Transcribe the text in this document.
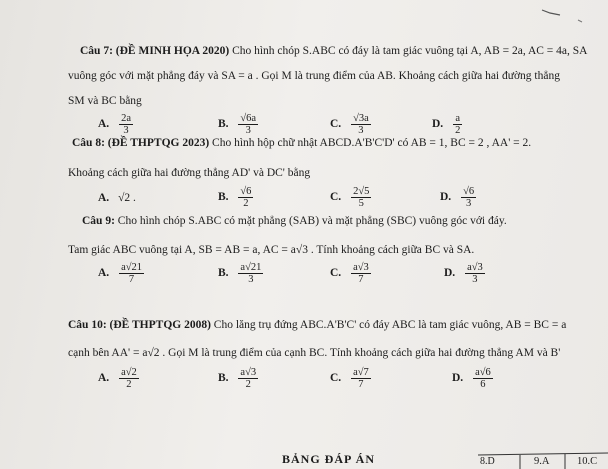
Câu 7: (ĐỀ MINH HỌA 2020) Cho hình chóp S.ABC có đáy là tam giác vuông tại A, AB = 2a, AC = 4a, SA
vuông góc với mặt phẳng đáy và SA = a . Gọi M là trung điểm của AB. Khoảng cách giữa hai đường thẳng
SM và BC bằng
A. $\frac{2a}{3}$	B. $\frac{√6a}{3}$	C. $\frac{√3a}{3}$	D. $\frac{a}{2}$
Câu 8: (ĐỀ THPTQG 2023) Cho hình hộp chữ nhật ABCD.A'B'C'D' có AB = 1, BC = 2 , AA' = 2.
Khoảng cách giữa hai đường thẳng AD' và DC' bằng
A. √2 .	B. $\frac{√6}{2}$	C. $\frac{2√5}{5}$	D. $\frac{√6}{3}$
Câu 9: Cho hình chóp S.ABC có mặt phẳng (SAB) và mặt phẳng (SBC) vuông góc với đáy.
Tam giác ABC vuông tại A, SB = AB = a, AC = a√3 . Tính khoảng cách giữa BC và SA.
A. $\frac{a√21}{7}$	B. $\frac{a√21}{3}$	C. $\frac{a√3}{7}$	D. $\frac{a√3}{3}$
Câu 10: (ĐỀ THPTQG 2008) Cho lăng trụ đứng ABC.A'B'C' có đáy ABC là tam giác vuông, AB = BC = a
cạnh bên AA' = a√2 . Gọi M là trung điểm của cạnh BC. Tính khoảng cách giữa hai đường thẳng AM và B'
A. $\frac{a√2}{2}$	B. $\frac{a√3}{2}$	C. $\frac{a√7}{7}$	D. $\frac{a√6}{6}$
BẢNG ĐÁP ÁN	8.D	9.A	10.C
